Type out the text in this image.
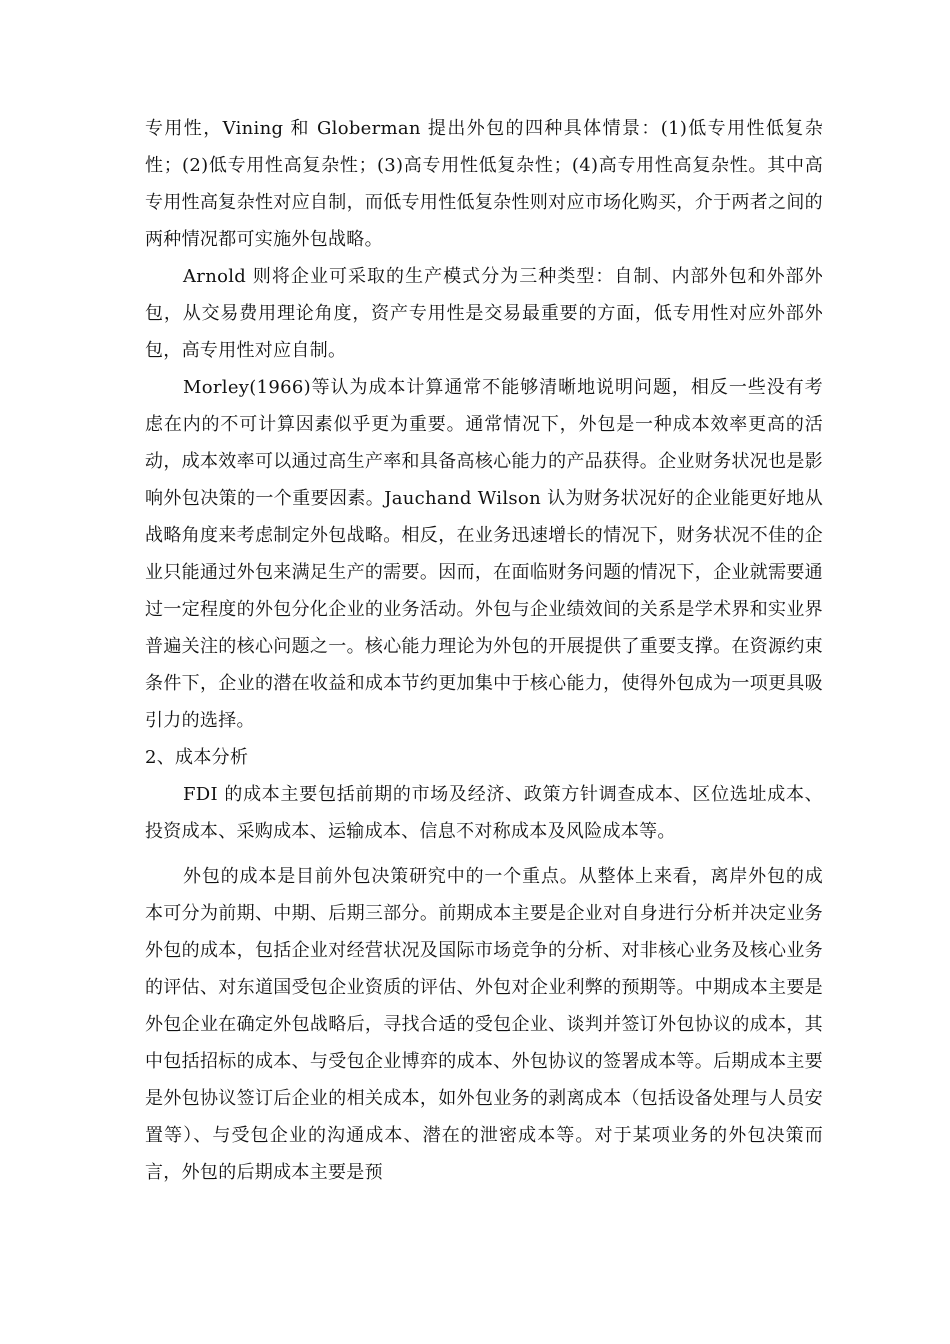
专用性，Vining 和 Globerman 提出外包的四种具体情景：(1)低专用性低复杂性；(2)低专用性高复杂性；(3)高专用性低复杂性；(4)高专用性高复杂性。其中高专用性高复杂性对应自制，而低专用性低复杂性则对应市场化购买，介于两者之间的两种情况都可实施外包战略。

Arnold 则将企业可采取的生产模式分为三种类型：自制、内部外包和外部外包，从交易费用理论角度，资产专用性是交易最重要的方面，低专用性对应外部外包，高专用性对应自制。

Morley(1966)等认为成本计算通常不能够清晰地说明问题，相反一些没有考虑在内的不可计算因素似乎更为重要。通常情况下，外包是一种成本效率更高的活动，成本效率可以通过高生产率和具备高核心能力的产品获得。企业财务状况也是影响外包决策的一个重要因素。Jauchand Wilson 认为财务状况好的企业能更好地从战略角度来考虑制定外包战略。相反，在业务迅速增长的情况下，财务状况不佳的企业只能通过外包来满足生产的需要。因而，在面临财务问题的情况下，企业就需要通过一定程度的外包分化企业的业务活动。外包与企业绩效间的关系是学术界和实业界普遍关注的核心问题之一。核心能力理论为外包的开展提供了重要支撑。在资源约束条件下，企业的潜在收益和成本节约更加集中于核心能力，使得外包成为一项更具吸引力的选择。

2、成本分析

FDI 的成本主要包括前期的市场及经济、政策方针调查成本、区位选址成本、投资成本、采购成本、运输成本、信息不对称成本及风险成本等。

外包的成本是目前外包决策研究中的一个重点。从整体上来看，离岸外包的成本可分为前期、中期、后期三部分。前期成本主要是企业对自身进行分析并决定业务外包的成本，包括企业对经营状况及国际市场竞争的分析、对非核心业务及核心业务的评估、对东道国受包企业资质的评估、外包对企业利弊的预期等。中期成本主要是外包企业在确定外包战略后，寻找合适的受包企业、谈判并签订外包协议的成本，其中包括招标的成本、与受包企业博弈的成本、外包协议的签署成本等。后期成本主要是外包协议签订后企业的相关成本，如外包业务的剥离成本（包括设备处理与人员安置等）、与受包企业的沟通成本、潜在的泄密成本等。对于某项业务的外包决策而言，外包的后期成本主要是预
